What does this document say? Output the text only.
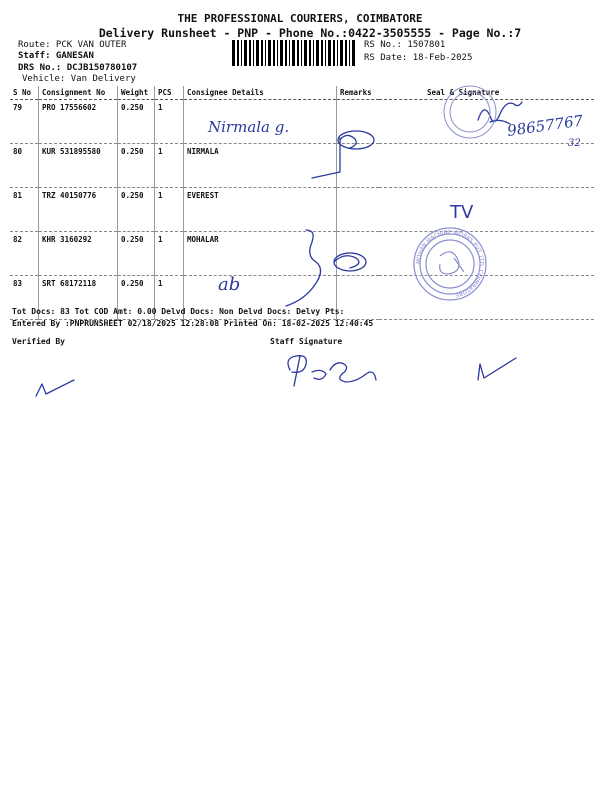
THE PROFESSIONAL COURIERS, COIMBATORE
Delivery Runsheet - PNP - Phone No.:0422-3505555 - Page No.:7
Route: PCK VAN OUTER
Staff: GANESAN
DRS No.: DCJB150780107
Vehicle: Van Delivery
RS No.: 1507801
RS Date: 18-Feb-2025
S No	Consignment No	Weight	PCS	Consignee Details	Remarks	Seal & Signature
79	PRO 17556602	0.250	1			
80	KUR 531895580	0.250	1	NIRMALA		
81	TRZ 40150776	0.250	1	EVEREST		
82	KHR 3160292	0.250	1	MOHALAR		
83	SRT 68172118	0.250	1			
Tot Docs: 83 Tot COD Amt: 0.00 Delvd Docs: Non Delvd Docs: Delvy Pts:
Entered By :PNPRUNSHEET 02/18/2025 12:28:08 Printed On: 18-02-2025 12:40:45
Verified By	Staff Signature
Nirmala g.	98657767
32
TV
ab
MOHAN MACHINE WORKS PVT. LTD. COIMBATORE
